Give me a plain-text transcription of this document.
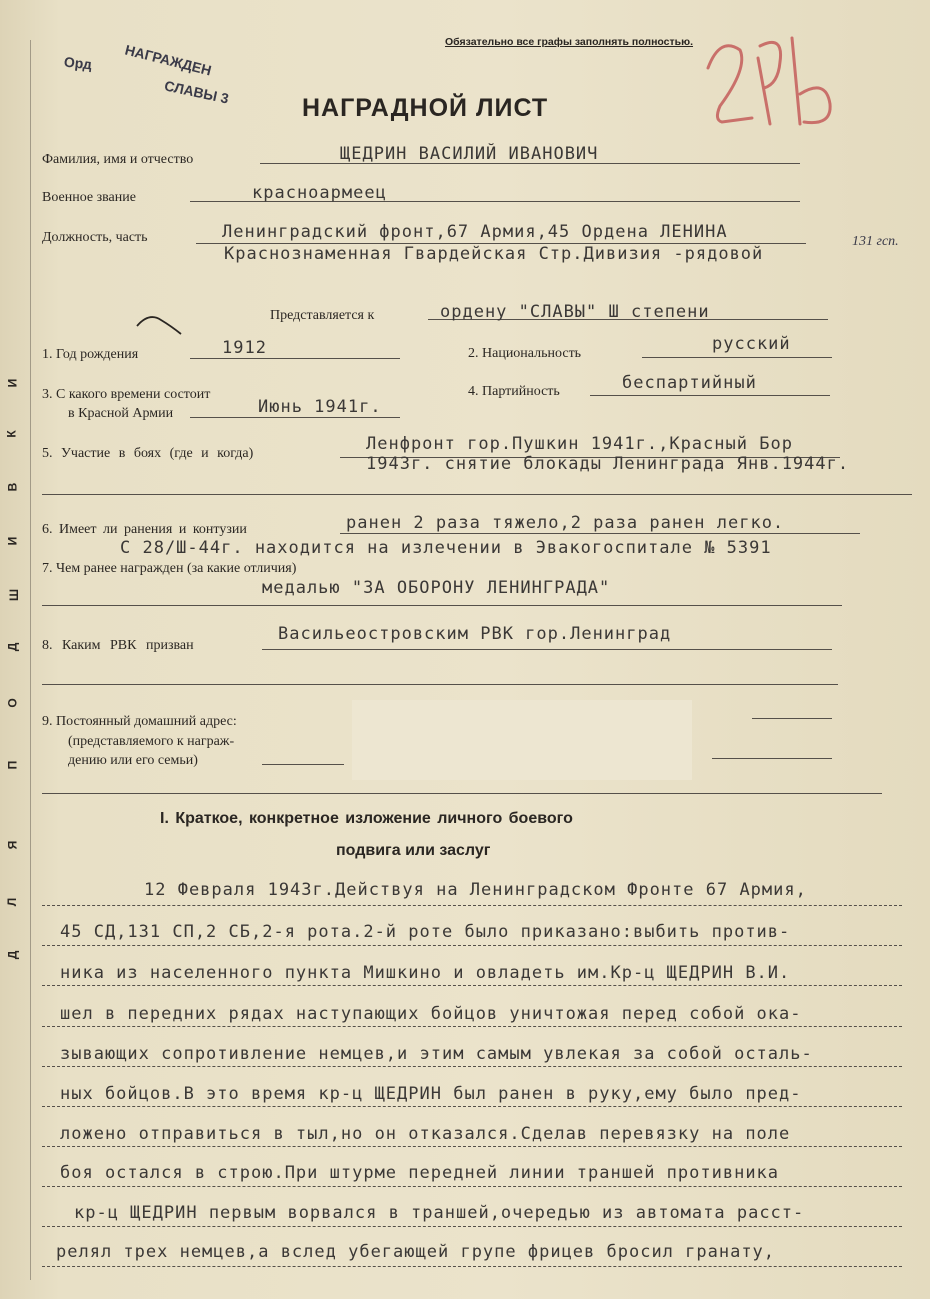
Д
Л
Я
П
О
Д
Ш
И
В
К
И
Обязательно все графы заполнять полностью.
Орд НАГРАЖДЕН
СЛАВЫ 3
НАГРАДНОЙ ЛИСТ
Фамилия, имя и отчество	ЩЕДРИН ВАСИЛИЙ ИВАНОВИЧ
Военное звание	красноармеец
Должность, часть	Ленинградский фронт,67 Армия,45 Ордена ЛЕНИНА
Краснознаменная Гвардейская Стр.Дивизия -рядовой
131 гсп.
Представляется к	ордену "СЛАВЫ" Ш степени
1. Год рождения	1912	2. Национальность	русский
3. С какого времени состоит
в Красной Армии	Июнь 1941г.
4. Партийность	беспартийный
5. Участие в боях (где и когда)	Ленфронт гор.Пушкин 1941г.,Красный Бор
1943г. снятие блокады Ленинграда Янв.1944г.
6. Имеет ли ранения и контузии	ранен 2 раза тяжело,2 раза ранен легко.
С 28/Ш-44г. находится на излечении в Эвакогоспитале № 5391
7. Чем ранее награжден (за какие отличия)
медалью "ЗА ОБОРОНУ ЛЕНИНГРАДА"
8. Каким РВК призван
Васильеостровским РВК гор.Ленинград
9. Постоянный домашний адрес:
(представляемого к награж-
дению или его семьи)
I. Краткое, конкретное изложение личного боевого
подвига или заслуг
12 Февраля 1943г.Действуя на Ленинградском Фронте 67 Армия,
45 СД,131 СП,2 СБ,2-я рота.2-й роте было приказано:выбить против-
ника из населенного пункта Мишкино и овладеть им.Кр-ц ЩЕДРИН В.И.
шел в передних рядах наступающих бойцов уничтожая перед собой ока-
зывающих сопротивление немцев,и этим самым увлекая за собой осталь-
ных бойцов.В это время кр-ц ЩЕДРИН был ранен в руку,ему было пред-
ложено отправиться в тыл,но он отказался.Сделав перевязку на поле
боя остался в строю.При штурме передней линии траншей противника
кр-ц ЩЕДРИН первым ворвался в траншей,очередью из автомата расст-
релял трех немцев,а вслед убегающей групе фрицев бросил гранату,
